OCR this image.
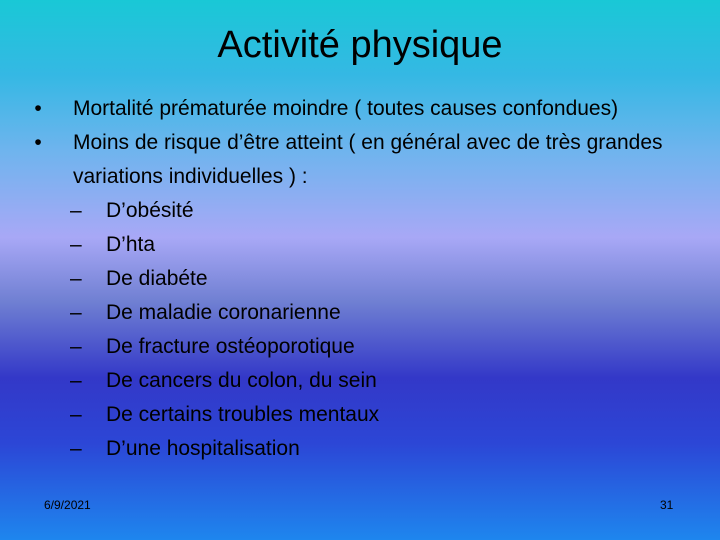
Activité physique
•	Mortalité prématurée moindre ( toutes causes confondues)
•	Moins de risque d’être atteint ( en général avec de très grandes variations individuelles ) :
– D’obésité
– D’hta
– De diabéte
– De maladie coronarienne
– De fracture ostéoporotique
– De cancers du colon, du sein
– De certains troubles mentaux
– D’une hospitalisation
6/9/2021	31
